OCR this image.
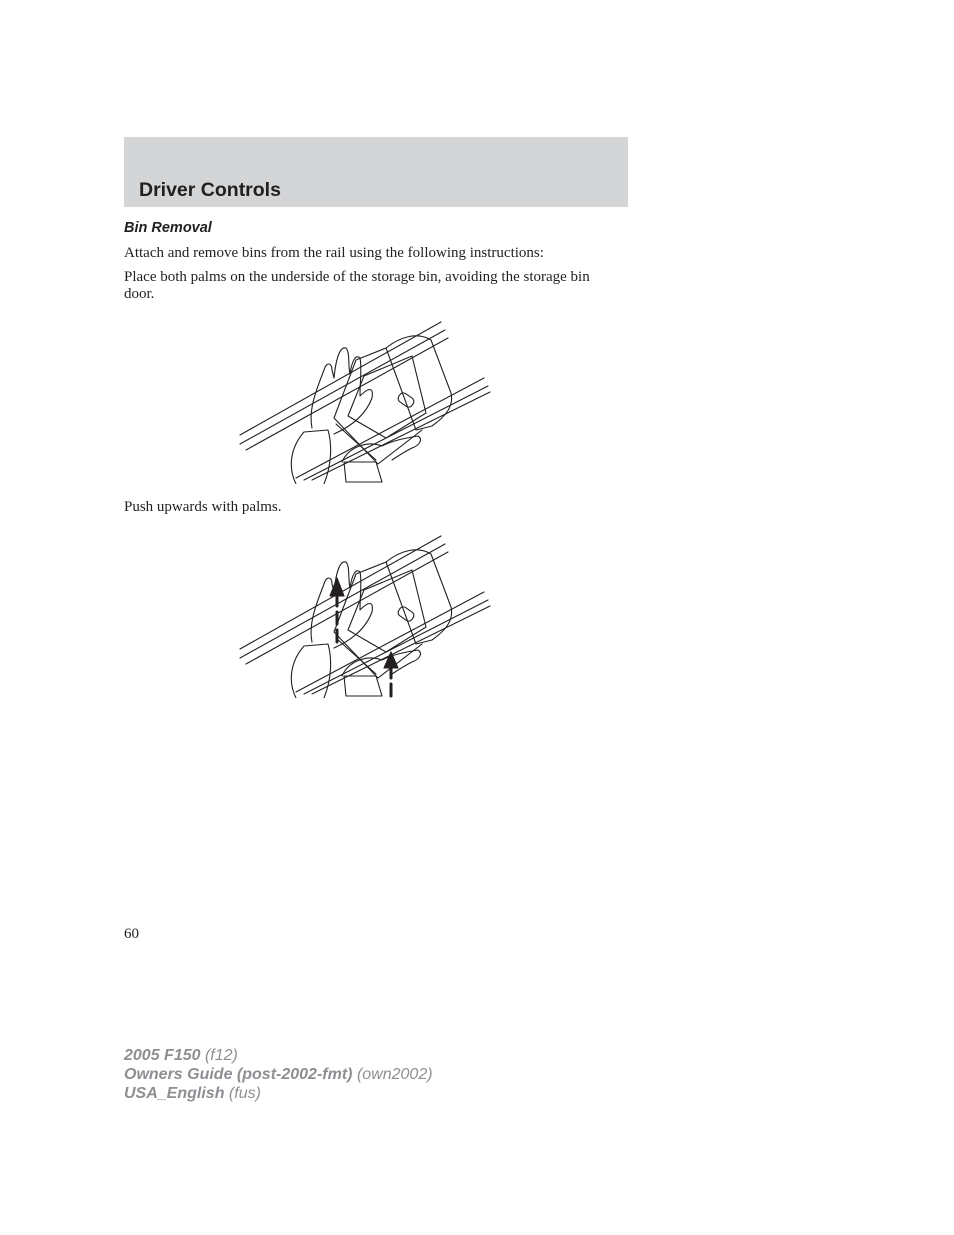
Driver Controls
Bin Removal

Attach and remove bins from the rail using the following instructions:

Place both palms on the underside of the storage bin, avoiding the storage bin door.

Push upwards with palms.

60

2005 F150 (f12)
Owners Guide (post-2002-fmt) (own2002)
USA_English (fus)
